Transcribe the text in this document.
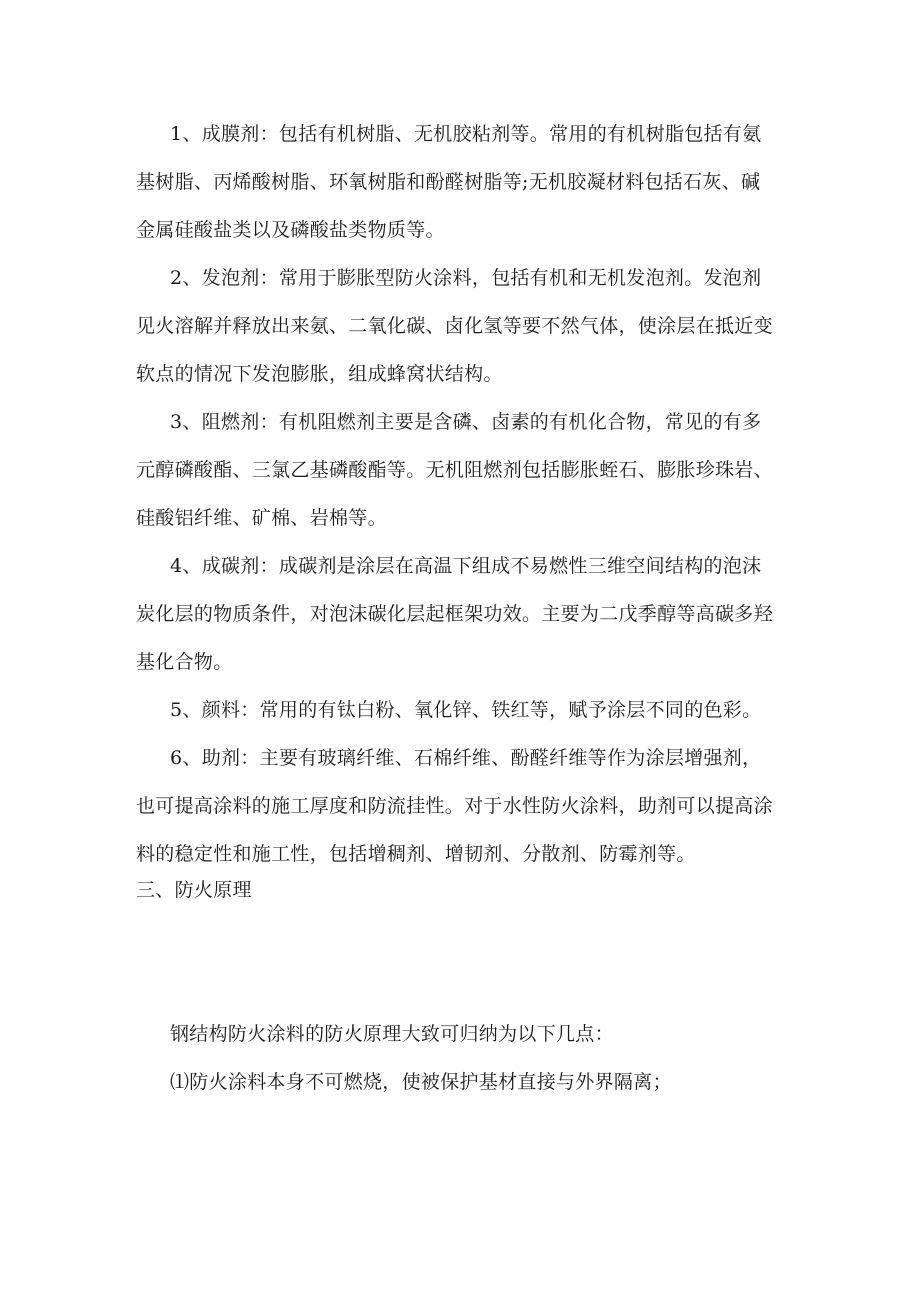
1、成膜剂：包括有机树脂、无机胶粘剂等。常用的有机树脂包括有氨
基树脂、丙烯酸树脂、环氧树脂和酚醛树脂等;无机胶凝材料包括石灰、碱
金属硅酸盐类以及磷酸盐类物质等。
2、发泡剂：常用于膨胀型防火涂料，包括有机和无机发泡剂。发泡剂
见火溶解并释放出来氨、二氧化碳、卤化氢等要不然气体，使涂层在抵近变
软点的情况下发泡膨胀，组成蜂窝状结构。
3、阻燃剂：有机阻燃剂主要是含磷、卤素的有机化合物，常见的有多
元醇磷酸酯、三氯乙基磷酸酯等。无机阻燃剂包括膨胀蛭石、膨胀珍珠岩、
硅酸铝纤维、矿棉、岩棉等。
4、成碳剂：成碳剂是涂层在高温下组成不易燃性三维空间结构的泡沫
炭化层的物质条件，对泡沫碳化层起框架功效。主要为二戊季醇等高碳多羟
基化合物。
5、颜料：常用的有钛白粉、氧化锌、铁红等，赋予涂层不同的色彩。
6、助剂：主要有玻璃纤维、石棉纤维、酚醛纤维等作为涂层增强剂，
也可提高涂料的施工厚度和防流挂性。对于水性防火涂料，助剂可以提高涂
料的稳定性和施工性，包括增稠剂、增韧剂、分散剂、防霉剂等。
三、防火原理
钢结构防火涂料的防火原理大致可归纳为以下几点：
⑴防火涂料本身不可燃烧，使被保护基材直接与外界隔离；
